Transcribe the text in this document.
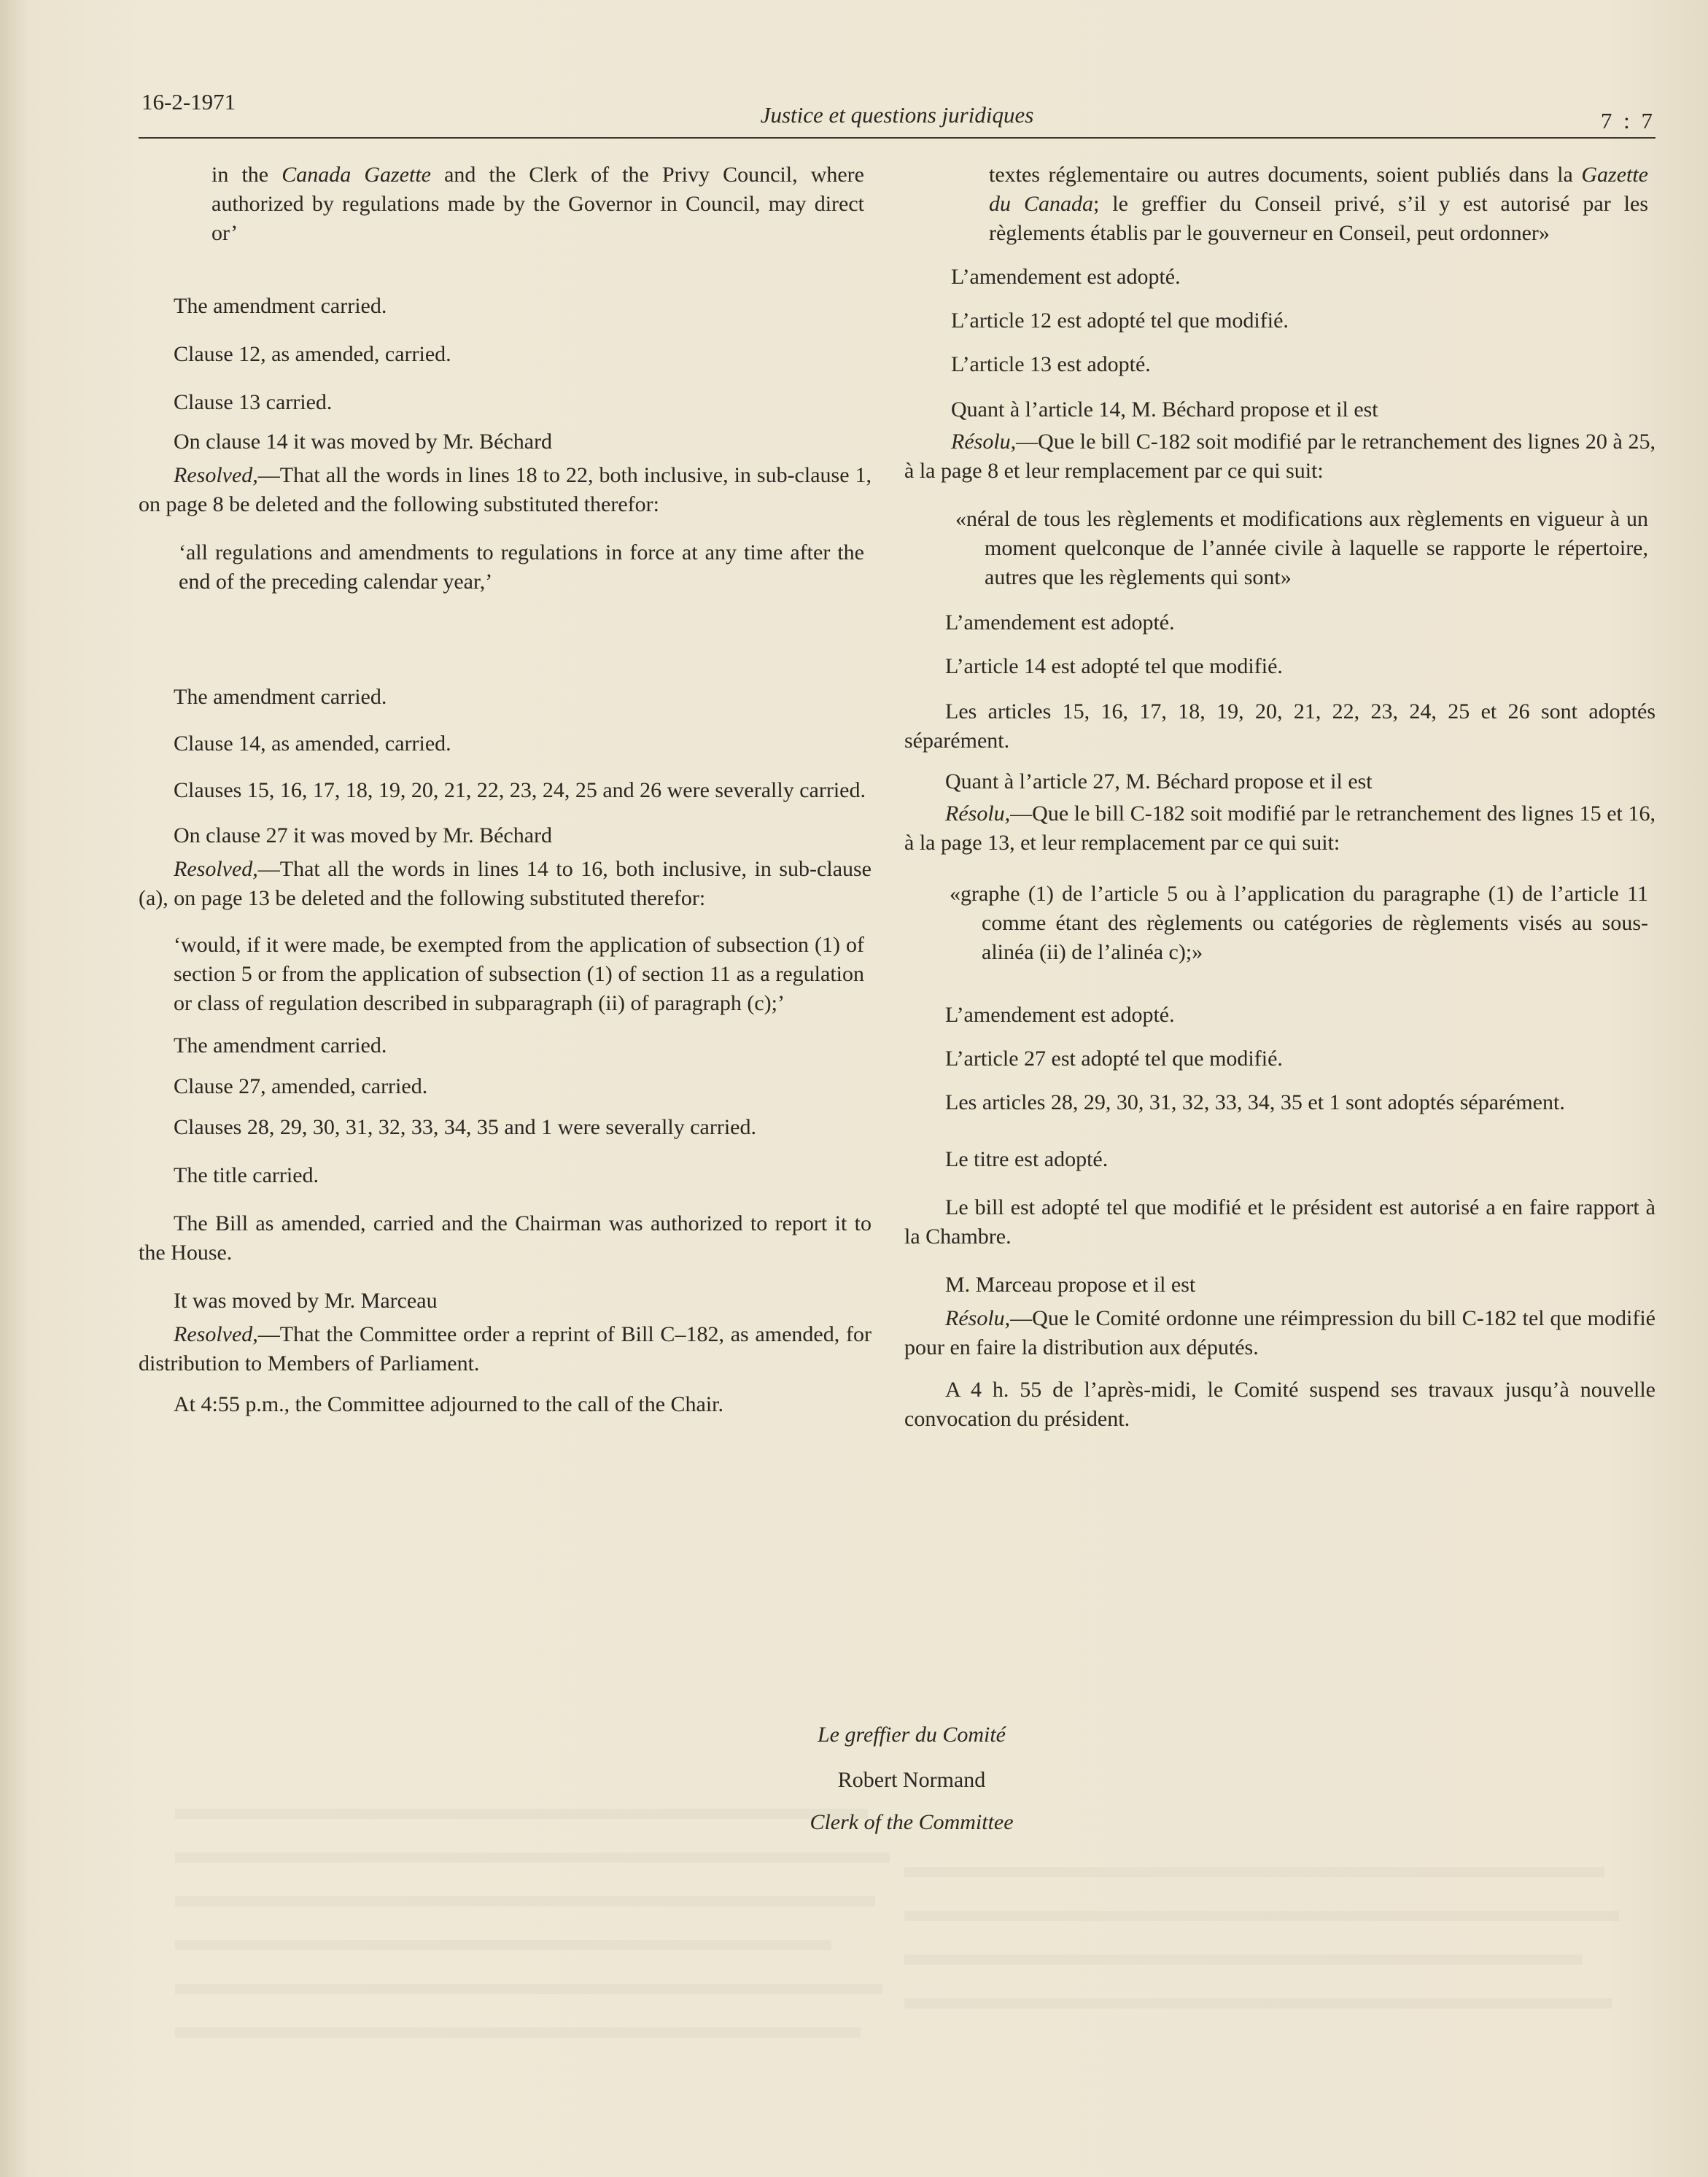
16-2-1971
Justice et questions juridiques	7 : 7

in the Canada Gazette and the Clerk of the Privy Council, where authorized by regulations made by the Governor in Council, may direct or’

The amendment carried.

Clause 12, as amended, carried.

Clause 13 carried.

On clause 14 it was moved by Mr. Béchard

Resolved,—That all the words in lines 18 to 22, both inclusive, in sub-clause 1, on page 8 be deleted and the following substituted therefor:

‘all regulations and amendments to regulations in force at any time after the end of the preceding calendar year,’

The amendment carried.

Clause 14, as amended, carried.

Clauses 15, 16, 17, 18, 19, 20, 21, 22, 23, 24, 25 and 26 were severally carried.

On clause 27 it was moved by Mr. Béchard

Resolved,—That all the words in lines 14 to 16, both inclusive, in sub-clause (a), on page 13 be deleted and the following substituted therefor:

‘would, if it were made, be exempted from the application of subsection (1) of section 5 or from the application of subsection (1) of section 11 as a regulation or class of regulation described in subparagraph (ii) of paragraph (c);’

The amendment carried.

Clause 27, amended, carried.

Clauses 28, 29, 30, 31, 32, 33, 34, 35 and 1 were severally carried.

The title carried.

The Bill as amended, carried and the Chairman was authorized to report it to the House.

It was moved by Mr. Marceau

Resolved,—That the Committee order a reprint of Bill C–182, as amended, for distribution to Members of Parliament.

At 4:55 p.m., the Committee adjourned to the call of the Chair.

textes réglementaire ou autres documents, soient publiés dans la Gazette du Canada; le greffier du Conseil privé, s’il y est autorisé par les règlements établis par le gouverneur en Conseil, peut ordonner»

L’amendement est adopté.

L’article 12 est adopté tel que modifié.

L’article 13 est adopté.

Quant à l’article 14, M. Béchard propose et il est

Résolu,—Que le bill C-182 soit modifié par le retranchement des lignes 20 à 25, à la page 8 et leur remplacement par ce qui suit:

«néral de tous les règlements et modifications aux règlements en vigueur à un moment quelconque de l’année civile à laquelle se rapporte le répertoire, autres que les règlements qui sont»

L’amendement est adopté.

L’article 14 est adopté tel que modifié.

Les articles 15, 16, 17, 18, 19, 20, 21, 22, 23, 24, 25 et 26 sont adoptés séparément.

Quant à l’article 27, M. Béchard propose et il est

Résolu,—Que le bill C-182 soit modifié par le retranchement des lignes 15 et 16, à la page 13, et leur remplacement par ce qui suit:

«graphe (1) de l’article 5 ou à l’application du paragraphe (1) de l’article 11 comme étant des règlements ou catégories de règlements visés au sous-alinéa (ii) de l’alinéa c);»

L’amendement est adopté.

L’article 27 est adopté tel que modifié.

Les articles 28, 29, 30, 31, 32, 33, 34, 35 et 1 sont adoptés séparément.

Le titre est adopté.

Le bill est adopté tel que modifié et le président est autorisé a en faire rapport à la Chambre.

M. Marceau propose et il est

Résolu,—Que le Comité ordonne une réimpression du bill C-182 tel que modifié pour en faire la distribution aux députés.

A 4 h. 55 de l’après-midi, le Comité suspend ses travaux jusqu’à nouvelle convocation du président.

Le greffier du Comité
Robert Normand
Clerk of the Committee
